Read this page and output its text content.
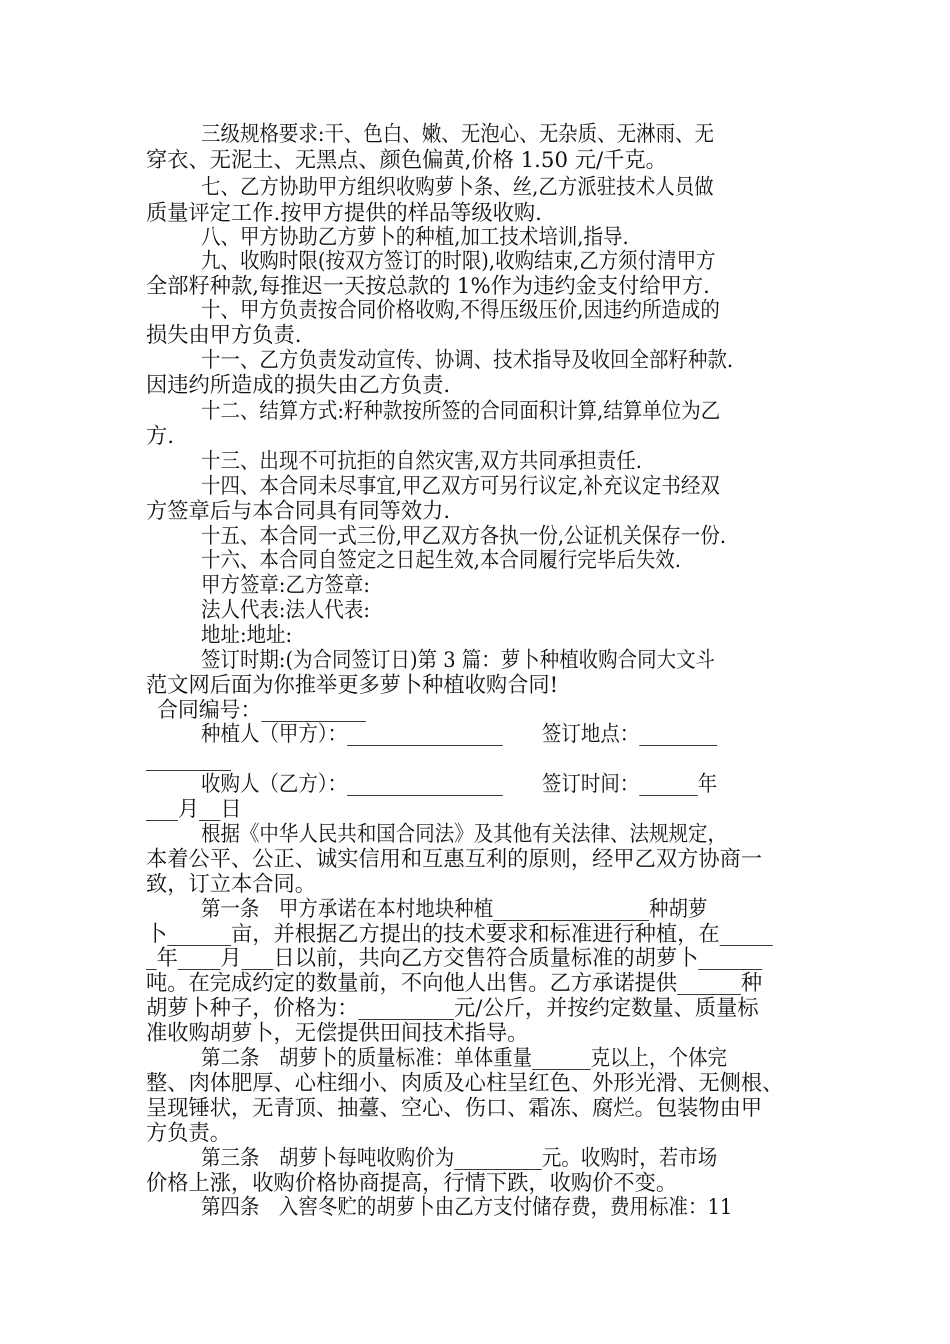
三级规格要求:干、色白、嫩、无泡心、无杂质、无淋雨、无
穿衣、无泥土、无黑点、颜色偏黄,价格 1.50 元/千克。
七、乙方协助甲方组织收购萝卜条、丝,乙方派驻技术人员做
质量评定工作.按甲方提供的样品等级收购.
八、甲方协助乙方萝卜的种植,加工技术培训,指导.
九、收购时限(按双方签订的时限),收购结束,乙方须付清甲方
全部籽种款,每推迟一天按总款的 1%作为违约金支付给甲方.
十、甲方负责按合同价格收购,不得压级压价,因违约所造成的
损失由甲方负责.
十一、乙方负责发动宣传、协调、技术指导及收回全部籽种款.
因违约所造成的损失由乙方负责.
十二、结算方式:籽种款按所签的合同面积计算,结算单位为乙
方.
十三、出现不可抗拒的自然灾害,双方共同承担责任.
十四、本合同未尽事宜,甲乙双方可另行议定,补充议定书经双
方签章后与本合同具有同等效力.
十五、本合同一式三份,甲乙双方各执一份,公证机关保存一份.
十六、本合同自签定之日起生效,本合同履行完毕后失效.
甲方签章:乙方签章:
法人代表:法人代表:
地址:地址:
签订时期:(为合同签订日)第 3 篇：萝卜种植收购合同大文斗
范文网后面为你推举更多萝卜种植收购合同!
合同编号：__________
种植人（甲方）：________________　　签订地点：________
________
收购人（乙方）：________________　　签订时间：______年
___月__日
根据《中华人民共和国合同法》及其他有关法律、法规规定，
本着公平、公正、诚实信用和互惠互利的原则，经甲乙双方协商一
致，订立本合同。
第一条　甲方承诺在本村地块种植________________种胡萝
卜______亩，并根据乙方提出的技术要求和标准进行种植，在_____
_年____月___日以前，共向乙方交售符合质量标准的胡萝卜______
吨。在完成约定的数量前，不向他人出售。乙方承诺提供______种
胡萝卜种子，价格为：_________元/公斤，并按约定数量、质量标
准收购胡萝卜，无偿提供田间技术指导。
第二条　胡萝卜的质量标准：单体重量______克以上，个体完
整、肉体肥厚、心柱细小、肉质及心柱呈红色、外形光滑、无侧根、
呈现锤状，无青顶、抽薹、空心、伤口、霜冻、腐烂。包装物由甲
方负责。
第三条　胡萝卜每吨收购价为_________元。收购时，若市场
价格上涨，收购价格协商提高，行情下跌，收购价不变。
第四条　入窖冬贮的胡萝卜由乙方支付储存费，费用标准：11
